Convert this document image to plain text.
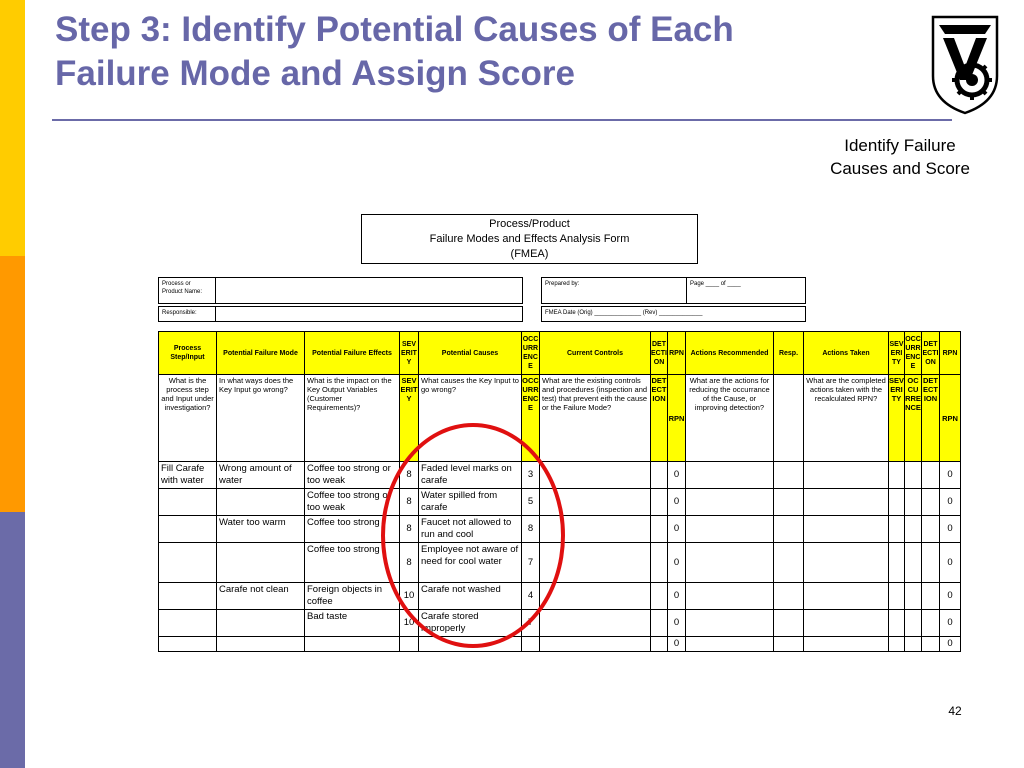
Step 3: Identify Potential Causes of Each
Failure Mode and Assign Score
Identify Failure
Causes and Score
Process/Product
Failure Modes and Effects Analysis Form
(FMEA)
Process or Product Name:
Responsible:
Prepared by:	Page ____ of ____
FMEA Date (Orig) ______________ (Rev) _____________
Process Step/Input	Potential Failure Mode	Potential Failure Effects	SEVERITY	Potential Causes	OCCURRENCE	Current Controls	DETECTION	RPN	Actions Recommended	Resp.	Actions Taken	SEVERITY	OCCURRENCE	DETECTION	RPN
What is the process step and Input under investigation?	In what ways does the Key Input go wrong?	What is the impact on the Key Output Variables (Customer Requirements)?	SEVERITY	What causes the Key Input to go wrong?	OCCURRENCE	What are the existing controls and procedures (inspection and test) that prevent eith the cause or the Failure Mode?	DETECTION	RPN	What are the actions for reducing the occurrance of the Cause, or improving detection?		What are the completed actions taken with the recalculated RPN?	SEVERITY	OCCURRENCE	DETECTION	RPN
Fill Carafe with water	Wrong amount of water	Coffee too strong or too weak	8	Faded level marks on carafe	3			0							0
		Coffee too strong or too weak	8	Water spilled from carafe	5			0							0
	Water too warm	Coffee too strong	8	Faucet not allowed to run and cool	8			0							0
		Coffee too strong	8	Employee not aware of need for cool water	7			0							0
	Carafe not clean	Foreign objects in coffee	10	Carafe not washed	4			0							0
		Bad taste	10	Carafe stored improperly	7			0							0
								0							0
42
